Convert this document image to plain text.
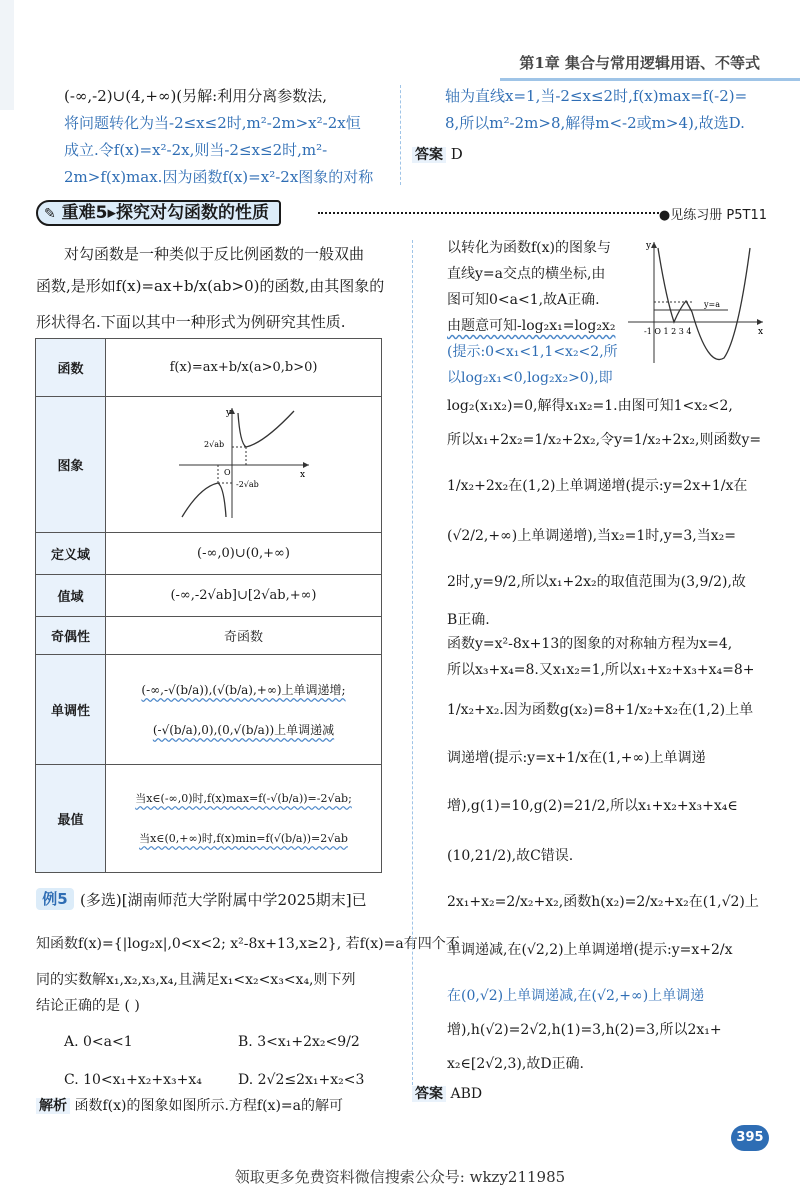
第1章 集合与常用逻辑用语、不等式
(-∞,-2)∪(4,+∞)(另解:利用分离参数法,
将问题转化为当-2≤x≤2时,m²-2m>x²-2x恒
成立.令f(x)=x²-2x,则当-2≤x≤2时,m²-
2m>f(x)max.因为函数f(x)=x²-2x图象的对称
轴为直线x=1,当-2≤x≤2时,f(x)max=f(-2)=
8,所以m²-2m>8,解得m<-2或m>4),故选D.
答案 D
✎ 重难5▸探究对勾函数的性质	●见练习册 P5T11
对勾函数是一种类似于反比例函数的一般双曲
函数,是形如f(x)=ax+b/x(ab>0)的函数,由其图象的
形状得名.下面以其中一种形式为例研究其性质.
函数	f(x)=ax+b/x(a>0,b>0)
图象	y
x
O
2√ab
-2√ab

定义域	(-∞,0)∪(0,+∞)
值域	(-∞,-2√ab]∪[2√ab,+∞)
奇偶性	奇函数
单调性	(-∞,-√(b/a)),(√(b/a),+∞)上单调递增;
(-√(b/a),0),(0,√(b/a))上单调递减

最值	当x∈(-∞,0)时,f(x)max=f(-√(b/a))=-2√ab;
当x∈(0,+∞)时,f(x)min=f(√(b/a))=2√ab
例5 (多选)[湖南师范大学附属中学2025期末]已
知函数f(x)={|log₂x|,0<x<2; x²-8x+13,x≥2}, 若f(x)=a有四个不
同的实数解x₁,x₂,x₃,x₄,且满足x₁<x₂<x₃<x₄,则下列
结论正确的是 ( )
A. 0<a<1	B. 3<x₁+2x₂<9/2
C. 10<x₁+x₂+x₃+x₄	D. 2√2≤2x₁+x₂<3
解析 函数f(x)的图象如图所示.方程f(x)=a的解可
y
x
y=a
-1 O 1 2 3 4
以转化为函数f(x)的图象与
直线y=a交点的横坐标,由
图可知0<a<1,故A正确.
由题意可知-log₂x₁=log₂x₂
(提示:0<x₁<1,1<x₂<2,所
以log₂x₁<0,log₂x₂>0),即
log₂(x₁x₂)=0,解得x₁x₂=1.由图可知1<x₂<2,
所以x₁+2x₂=1/x₂+2x₂,令y=1/x₂+2x₂,则函数y=
1/x₂+2x₂在(1,2)上单调递增(提示:y=2x+1/x在
(√2/2,+∞)上单调递增),当x₂=1时,y=3,当x₂=
2时,y=9/2,所以x₁+2x₂的取值范围为(3,9/2),故
B正确.
函数y=x²-8x+13的图象的对称轴方程为x=4,
所以x₃+x₄=8.又x₁x₂=1,所以x₁+x₂+x₃+x₄=8+
1/x₂+x₂.因为函数g(x₂)=8+1/x₂+x₂在(1,2)上单
调递增(提示:y=x+1/x在(1,+∞)上单调递
增),g(1)=10,g(2)=21/2,所以x₁+x₂+x₃+x₄∈
(10,21/2),故C错误.
2x₁+x₂=2/x₂+x₂,函数h(x₂)=2/x₂+x₂在(1,√2)上
单调递减,在(√2,2)上单调递增(提示:y=x+2/x
在(0,√2)上单调递减,在(√2,+∞)上单调递
增),h(√2)=2√2,h(1)=3,h(2)=3,所以2x₁+
x₂∈[2√2,3),故D正确.
答案 ABD
395
领取更多免费资料微信搜索公众号: wkzy211985
